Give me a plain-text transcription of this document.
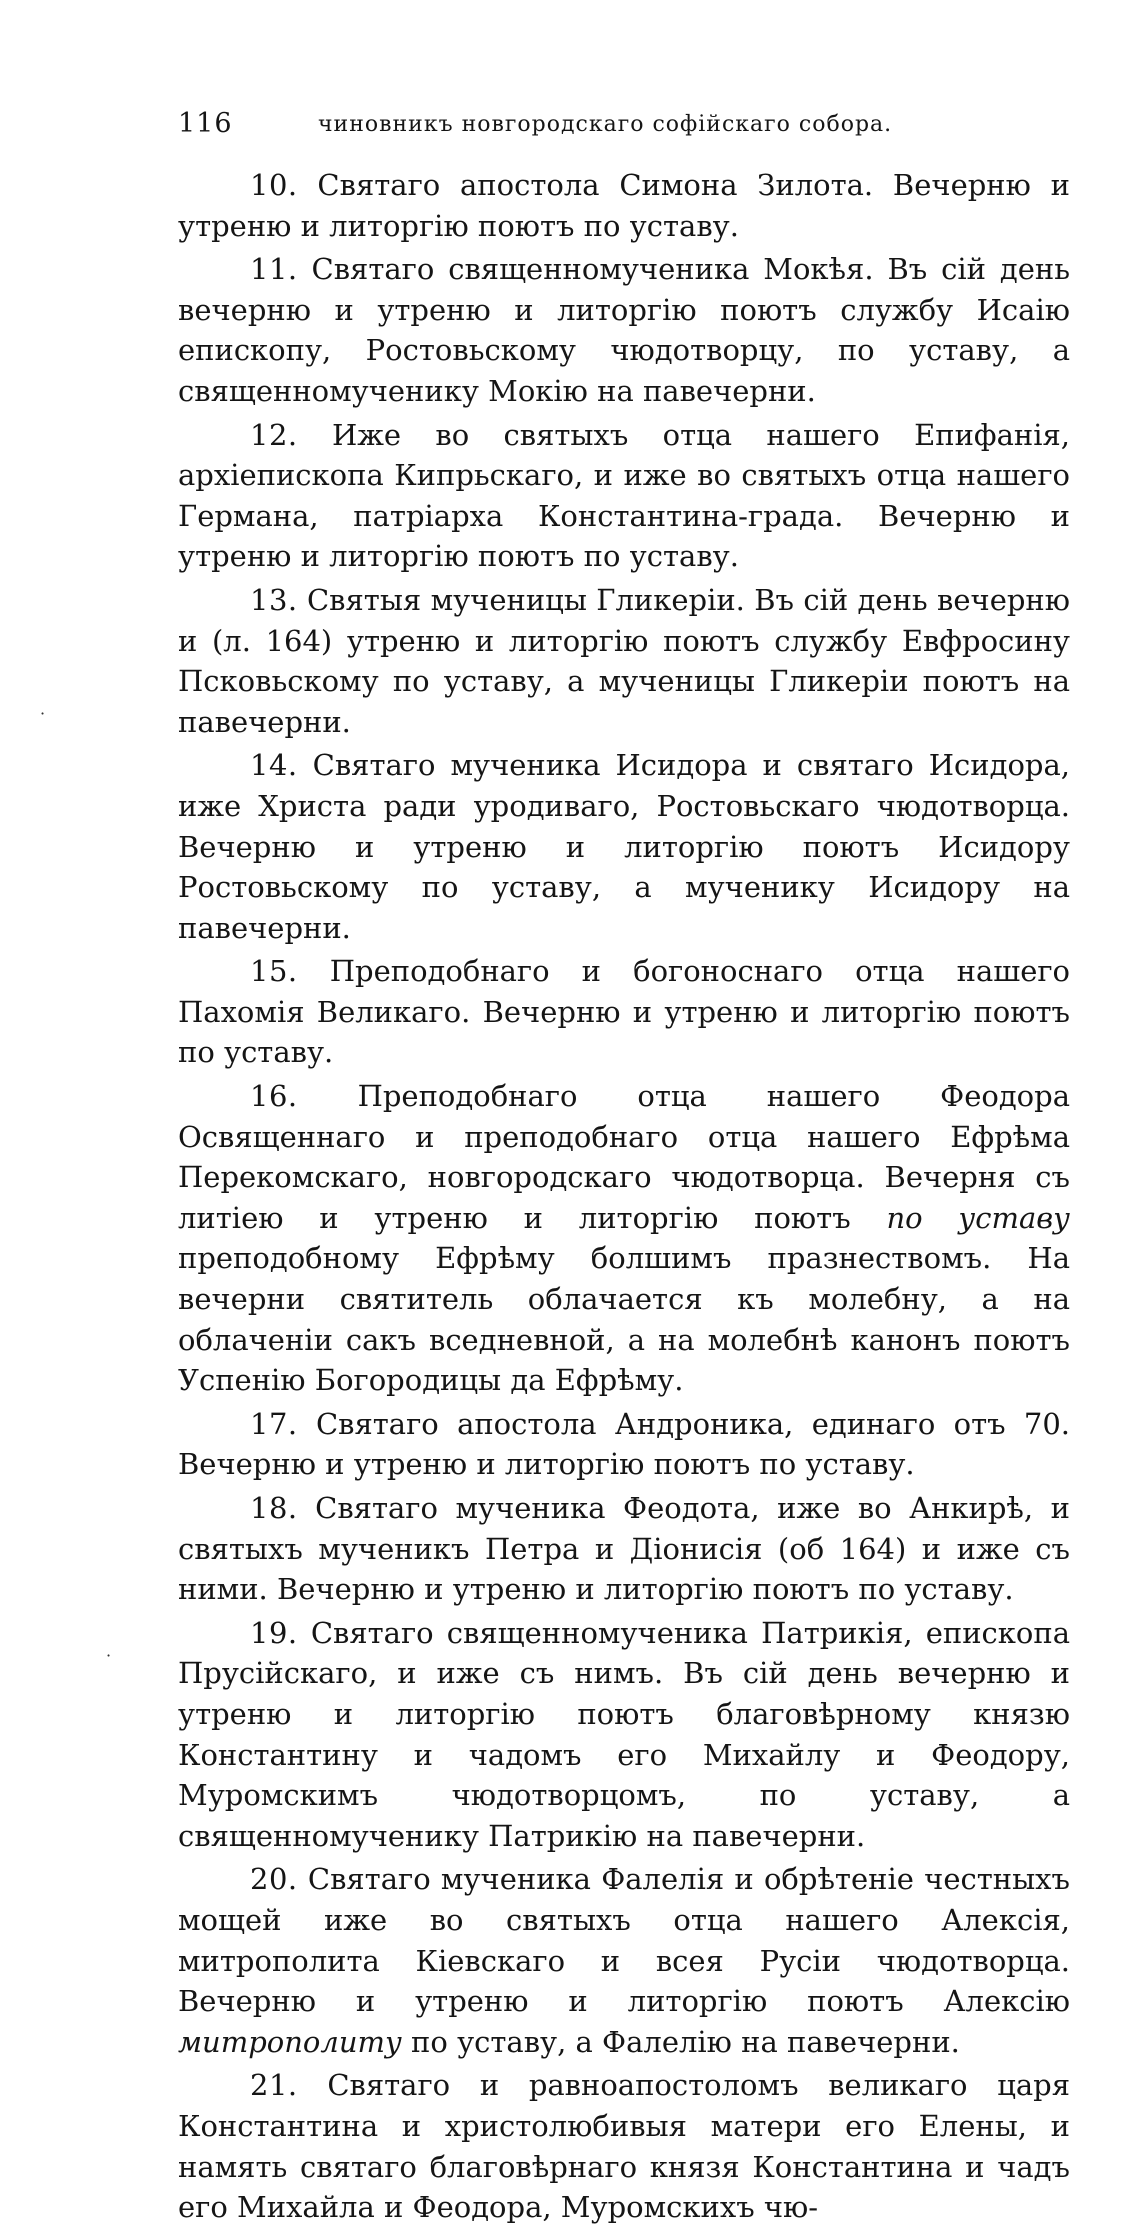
116	чиновникъ новгородскаго софійскаго собора.
·
·

10. Святаго апостола Симона Зилота. Вечерню и утреню и литоргію поютъ по уставу.

11. Святаго священномученика Мокѣя. Въ сій день вечерню и утреню и литоргію поютъ службу Исаію епископу, Ростовьскому чюдотворцу, по уставу, а священномученику Мокію на павечерни.

12. Иже во святыхъ отца нашего Епифанія, архіепископа Кипрьскаго, и иже во святыхъ отца нашего Германа, патріарха Константина-града. Вечерню и утреню и литоргію поютъ по уставу.

13. Святыя мученицы Гликеріи. Въ сій день вечерню и (л. 164) утреню и литоргію поютъ службу Евфросину Псковьскому по уставу, а мученицы Гликеріи поютъ на павечерни.

14. Святаго мученика Исидора и святаго Исидора, иже Христа ради уродиваго, Ростовьскаго чюдотворца. Вечерню и утреню и литоргію поютъ Исидору Ростовьскому по уставу, а мученику Исидору на павечерни.

15. Преподобнаго и богоноснаго отца нашего Пахомія Великаго. Вечерню и утреню и литоргію поютъ по уставу.

16. Преподобнаго отца нашего Феодора Освященнаго и преподобнаго отца нашего Ефрѣма Перекомскаго, новгородскаго чюдотворца. Вечерня съ литіею и утреню и литоргію поютъ по уставу преподобному Ефрѣму болшимъ празнествомъ. На вечерни святитель облачается къ молебну, а на облаченіи сакъ вседневной, а на молебнѣ канонъ поютъ Успенію Богородицы да Ефрѣму.

17. Святаго апостола Андроника, единаго отъ 70. Вечерню и утреню и литоргію поютъ по уставу.

18. Святаго мученика Феодота, иже во Анкирѣ, и святыхъ мученикъ Петра и Діонисія (об 164) и иже съ ними. Вечерню и утреню и литоргію поютъ по уставу.

19. Святаго священномученика Патрикія, епископа Прусійскаго, и иже съ нимъ. Въ сій день вечерню и утреню и литоргію поютъ благовѣрному князю Константину и чадомъ его Михайлу и Феодору, Муромскимъ чюдотворцомъ, по уставу, а священномученику Патрикію на павечерни.

20. Святаго мученика Фалелія и обрѣтеніе честныхъ мощей иже во святыхъ отца нашего Алексія, митрополита Кіевскаго и всея Русіи чюдотворца. Вечерню и утреню и литоргію поютъ Алексію митрополиту по уставу, а Фалелію на павечерни.

21. Святаго и равноапостоломъ великаго царя Константина и христолюбивыя матери его Елены, и намять святаго благовѣрнаго князя Константина и чадъ его Михайла и Феодора, Муромскихъ чю-
